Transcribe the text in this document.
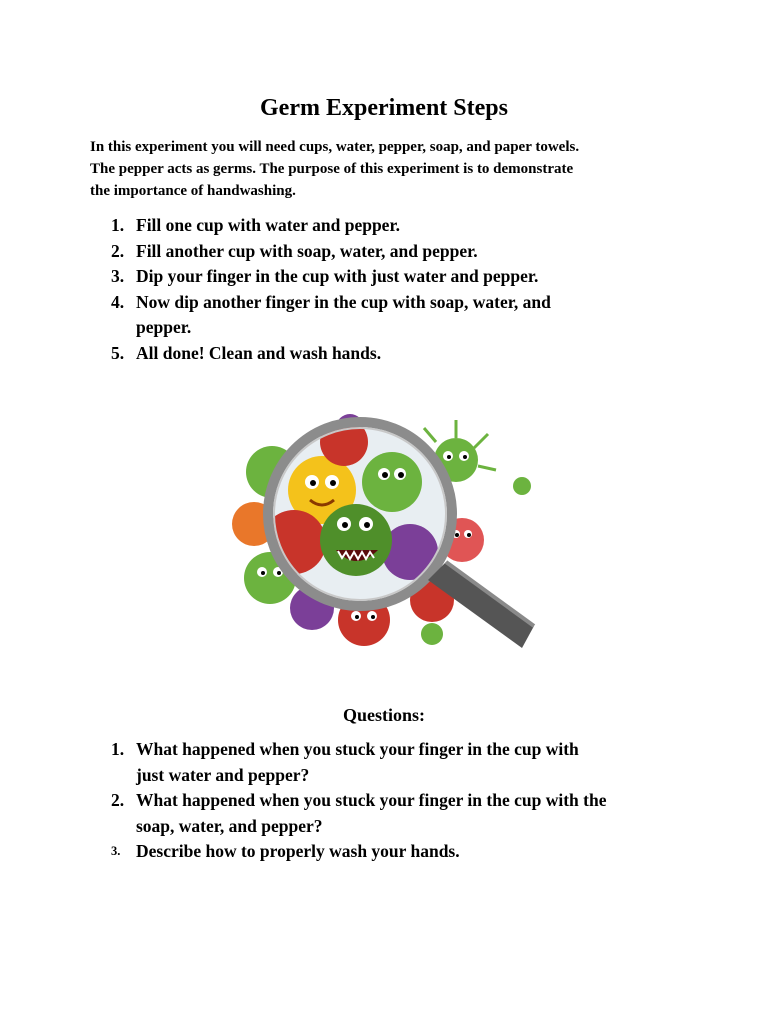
Germ Experiment Steps
In this experiment you will need cups, water, pepper, soap, and paper towels.
The pepper acts as germs. The purpose of this experiment is to demonstrate
the importance of handwashing.
1. Fill one cup with water and pepper.
2. Fill another cup with soap, water, and pepper.
3. Dip your finger in the cup with just water and pepper.
4. Now dip another finger in the cup with soap, water, and
pepper.
5. All done! Clean and wash hands.
Questions:
1. What happened when you stuck your finger in the cup with
just water and pepper?
2. What happened when you stuck your finger in the cup with the
soap, water, and pepper?
3. Describe how to properly wash your hands.
